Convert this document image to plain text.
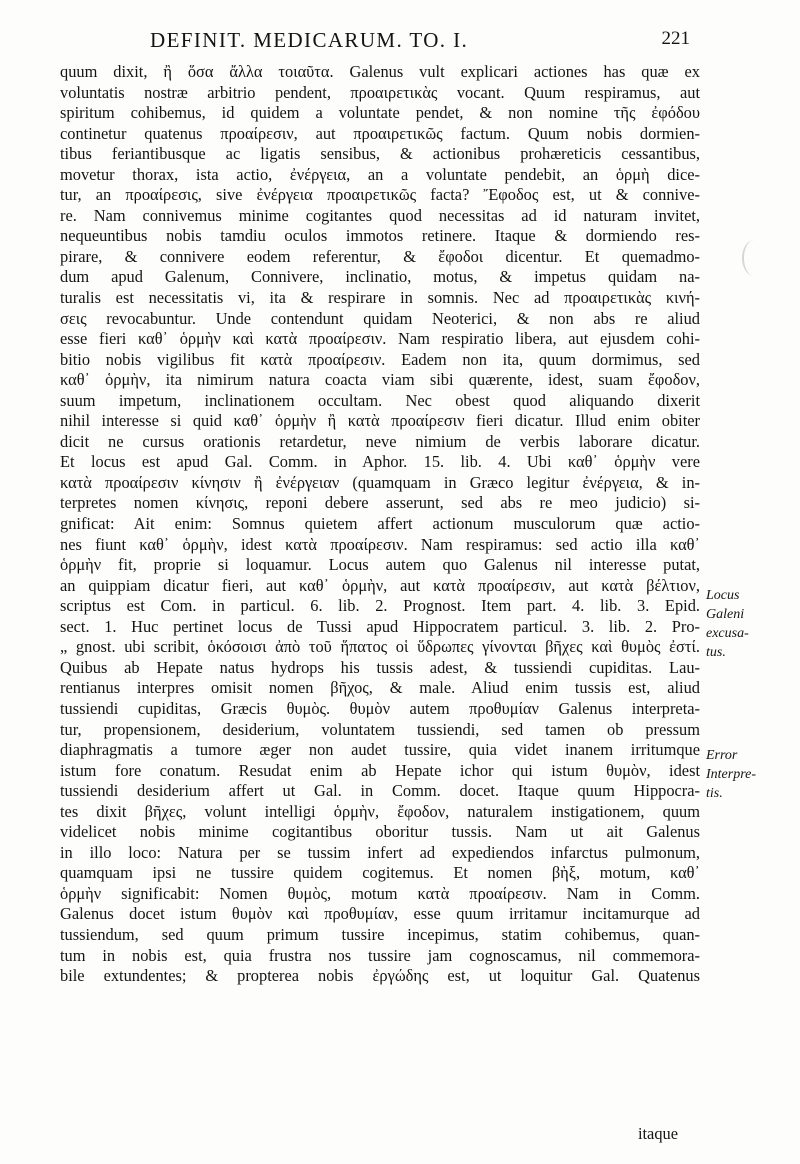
DEFINIT. MEDICARUM. TO. I.	221
quum dixit, ἢ ὅσα ἄλλα τοιαῦτα. Galenus vult explicari actiones has quæ ex
voluntatis nostræ arbitrio pendent, προαιρετικὰς vocant. Quum respiramus, aut
spiritum cohibemus, id quidem a voluntate pendet, & non nomine τῆς ἐφόδου
continetur quatenus προαίρεσιν, aut προαιρετικῶς factum. Quum nobis dormien-
tibus feriantibusque ac ligatis sensibus, & actionibus prohæreticis cessantibus,
movetur thorax, ista actio, ἐνέργεια, an a voluntate pendebit, an ὁρμὴ dice-
tur, an προαίρεσις, sive ἐνέργεια προαιρετικῶς facta? Ἔφοδος est, ut & connive-
re. Nam connivemus minime cogitantes quod necessitas ad id naturam invitet,
nequeuntibus nobis tamdiu oculos immotos retinere. Itaque & dormiendo res-
pirare, & connivere eodem referentur, & ἔφοδοι dicentur. Et quemadmo-
dum apud Galenum, Connivere, inclinatio, motus, & impetus quidam na-
turalis est necessitatis vi, ita & respirare in somnis. Nec ad προαιρετικὰς κινή-
σεις revocabuntur. Unde contendunt quidam Neoterici, & non abs re aliud
esse fieri καθ᾽ ὁρμὴν καὶ κατὰ προαίρεσιν. Nam respiratio libera, aut ejusdem cohi-
bitio nobis vigilibus fit κατὰ προαίρεσιν. Eadem non ita, quum dormimus, sed
καθ᾽ ὁρμὴν, ita nimirum natura coacta viam sibi quærente, idest, suam ἔφοδον,
suum impetum, inclinationem occultam. Nec obest quod aliquando dixerit
nihil interesse si quid καθ᾽ ὁρμὴν ἢ κατὰ προαίρεσιν fieri dicatur. Illud enim obiter
dicit ne cursus orationis retardetur, neve nimium de verbis laborare dicatur.
Et locus est apud Gal. Comm. in Aphor. 15. lib. 4. Ubi καθ᾽ ὁρμὴν vere
κατὰ προαίρεσιν κίνησιν ἢ ἐνέργειαν (quamquam in Græco legitur ἐνέργεια, & in-
terpretes nomen κίνησις, reponi debere asserunt, sed abs re meo judicio) si-
gnificat: Ait enim: Somnus quietem affert actionum musculorum quæ actio-
nes fiunt καθ᾽ ὁρμὴν, idest κατὰ προαίρεσιν. Nam respiramus: sed actio illa καθ᾽
ὁρμὴν fit, proprie si loquamur. Locus autem quo Galenus nil interesse putat,
an quippiam dicatur fieri, aut καθ᾽ ὁρμὴν, aut κατὰ προαίρεσιν, aut κατὰ βέλτιον,
scriptus est Com. in particul. 6. lib. 2. Prognost. Item part. 4. lib. 3. Epid.
sect. 1. Huc pertinet locus de Tussi apud Hippocratem particul. 3. lib. 2. Pro-
„ gnost. ubi scribit, ὁκόσοισι ἀπὸ τοῦ ἥπατος οἱ ὕδρωπες γίνονται βῆχες καὶ θυμὸς ἐστί.
Quibus ab Hepate natus hydrops his tussis adest, & tussiendi cupiditas. Lau-
rentianus interpres omisit nomen βῆχος, & male. Aliud enim tussis est, aliud
tussiendi cupiditas, Græcis θυμὸς. θυμὸν autem προθυμίαν Galenus interpreta-
tur, propensionem, desiderium, voluntatem tussiendi, sed tamen ob pressum
diaphragmatis a tumore æger non audet tussire, quia videt inanem irritumque
istum fore conatum. Resudat enim ab Hepate ichor qui istum θυμὸν, idest
tussiendi desiderium affert ut Gal. in Comm. docet. Itaque quum Hippocra-
tes dixit βῆχες, volunt intelligi ὁρμὴν, ἔφοδον, naturalem instigationem, quum
videlicet nobis minime cogitantibus oboritur tussis. Nam ut ait Galenus
in illo loco: Natura per se tussim infert ad expediendos infarctus pulmonum,
quamquam ipsi ne tussire quidem cogitemus. Et nomen βὴξ, motum, καθ᾽
ὁρμὴν significabit: Nomen θυμὸς, motum κατὰ προαίρεσιν. Nam in Comm.
Galenus docet istum θυμὸν καὶ προθυμίαν, esse quum irritamur incitamurque ad
tussiendum, sed quum primum tussire incepimus, statim cohibemus, quan-
tum in nobis est, quia frustra nos tussire jam cognoscamus, nil commemora-
bile extundentes; & propterea nobis ἐργώδης est, ut loquitur Gal. Quatenus
itaque
Locus
Galeni
excusa-
tus.
Error
Interpre-
tis.
